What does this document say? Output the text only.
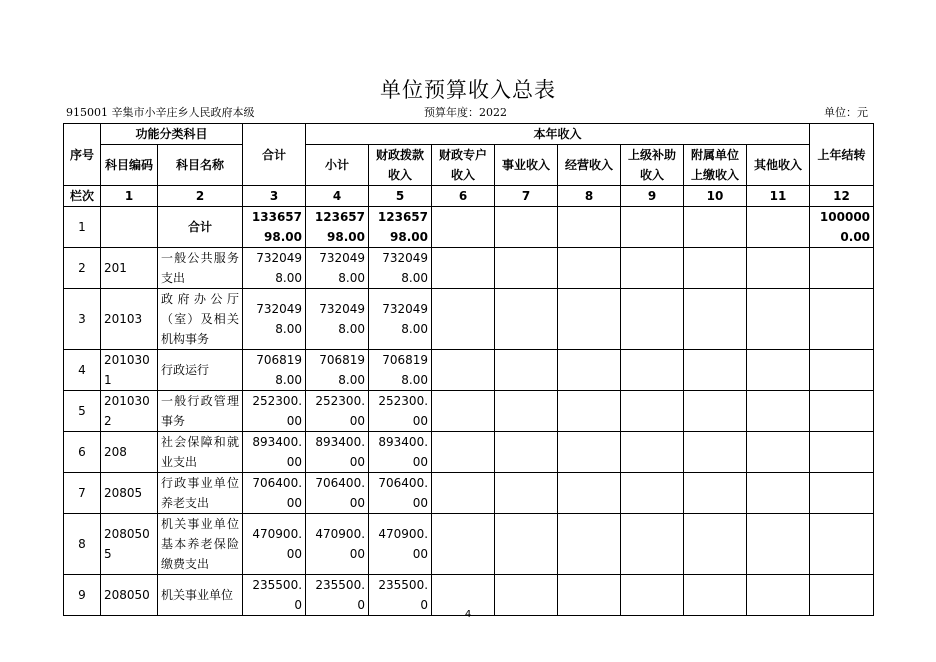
单位预算收入总表
915001 辛集市小辛庄乡人民政府本级	预算年度：2022	单位：元
序号	功能分类科目		合计	本年收入								上年结转
	科目编码	科目名称		小计	财政拨款收入	财政专户收入	事业收入	经营收入	上级补助收入	附属单位上缴收入	其他收入	
栏次	1	2	3	4	5	6	7	8	9	10	11	12
1		合计	13365798.00	12365798.00	12365798.00							1000000.00
2	201	一般公共服务支出	7320498.00	7320498.00	7320498.00							
3	20103	政府办公厅（室）及相关机构事务	7320498.00	7320498.00	7320498.00							
4	2010301	行政运行	7068198.00	7068198.00	7068198.00							
5	2010302	一般行政管理事务	252300.00	252300.00	252300.00							
6	208	社会保障和就业支出	893400.00	893400.00	893400.00							
7	20805	行政事业单位养老支出	706400.00	706400.00	706400.00							
8	2080505	机关事业单位基本养老保险缴费支出	470900.00	470900.00	470900.00							
9	208050	机关事业单位	235500.0	235500.0	235500.0							
4
